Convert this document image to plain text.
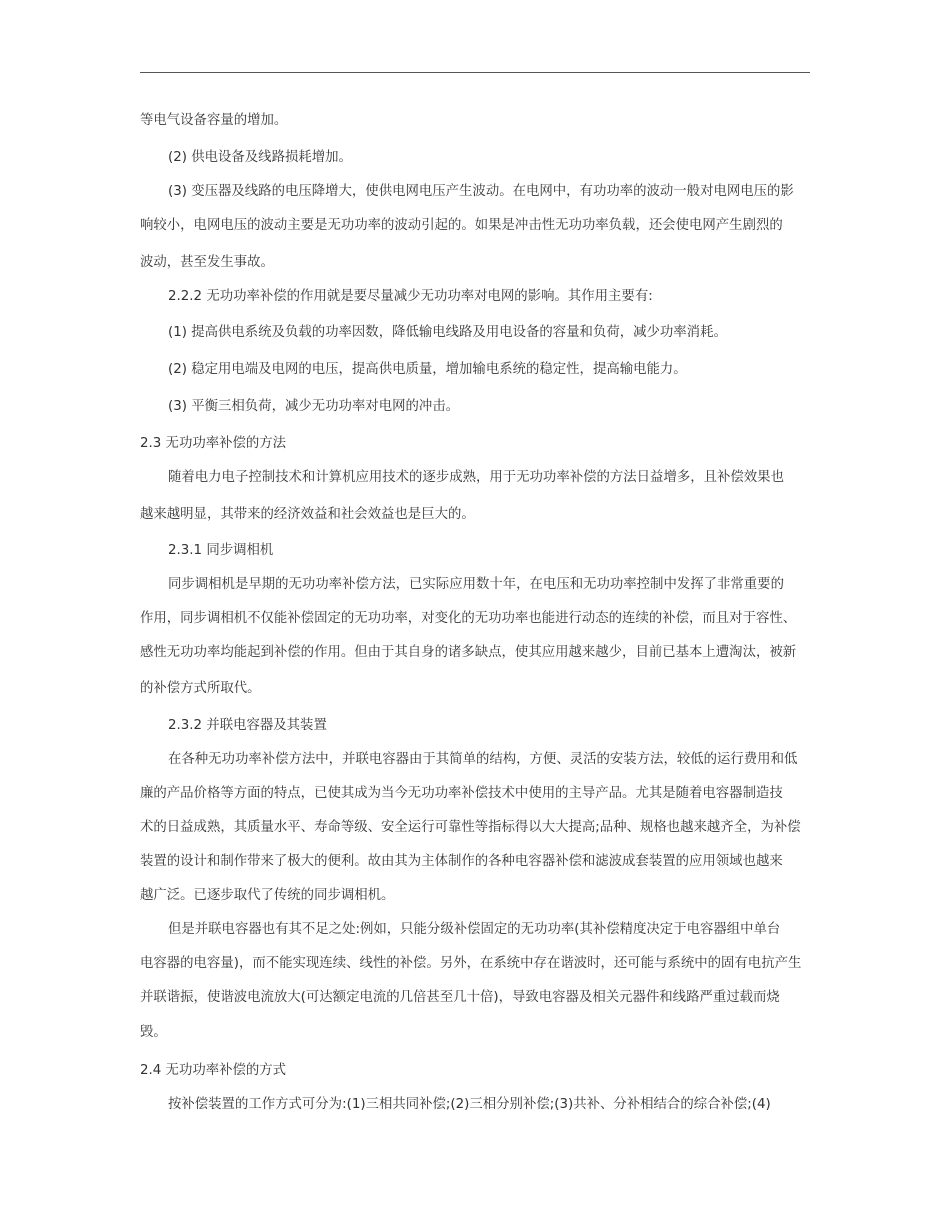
等电气设备容量的增加。
(2) 供电设备及线路损耗增加。
(3) 变压器及线路的电压降增大，使供电网电压产生波动。在电网中，有功功率的波动一般对电网电压的影
响较小，电网电压的波动主要是无功功率的波动引起的。如果是冲击性无功功率负载，还会使电网产生剧烈的
波动，甚至发生事故。
2.2.2 无功功率补偿的作用就是要尽量减少无功功率对电网的影响。其作用主要有:
(1) 提高供电系统及负载的功率因数，降低输电线路及用电设备的容量和负荷，减少功率消耗。
(2) 稳定用电端及电网的电压，提高供电质量，增加输电系统的稳定性，提高输电能力。
(3) 平衡三相负荷，减少无功功率对电网的冲击。
2.3 无功功率补偿的方法
随着电力电子控制技术和计算机应用技术的逐步成熟，用于无功功率补偿的方法日益增多，且补偿效果也
越来越明显，其带来的经济效益和社会效益也是巨大的。
2.3.1 同步调相机
同步调相机是早期的无功功率补偿方法，已实际应用数十年，在电压和无功功率控制中发挥了非常重要的
作用，同步调相机不仅能补偿固定的无功功率，对变化的无功功率也能进行动态的连续的补偿，而且对于容性、
感性无功功率均能起到补偿的作用。但由于其自身的诸多缺点，使其应用越来越少，目前已基本上遭淘汰，被新
的补偿方式所取代。
2.3.2 并联电容器及其装置
在各种无功功率补偿方法中，并联电容器由于其简单的结构，方便、灵活的安装方法，较低的运行费用和低
廉的产品价格等方面的特点，已使其成为当今无功功率补偿技术中使用的主导产品。尤其是随着电容器制造技
术的日益成熟，其质量水平、寿命等级、安全运行可靠性等指标得以大大提高;品种、规格也越来越齐全，为补偿
装置的设计和制作带来了极大的便利。故由其为主体制作的各种电容器补偿和滤波成套装置的应用领域也越来
越广泛。已逐步取代了传统的同步调相机。
但是并联电容器也有其不足之处:例如，只能分级补偿固定的无功功率(其补偿精度决定于电容器组中单台
电容器的电容量)，而不能实现连续、线性的补偿。另外，在系统中存在谐波时，还可能与系统中的固有电抗产生
并联谐振，使谐波电流放大(可达额定电流的几倍甚至几十倍)，导致电容器及相关元器件和线路严重过载而烧
毁。
2.4 无功功率补偿的方式
按补偿装置的工作方式可分为:(1)三相共同补偿;(2)三相分别补偿;(3)共补、分补相结合的综合补偿;(4)
